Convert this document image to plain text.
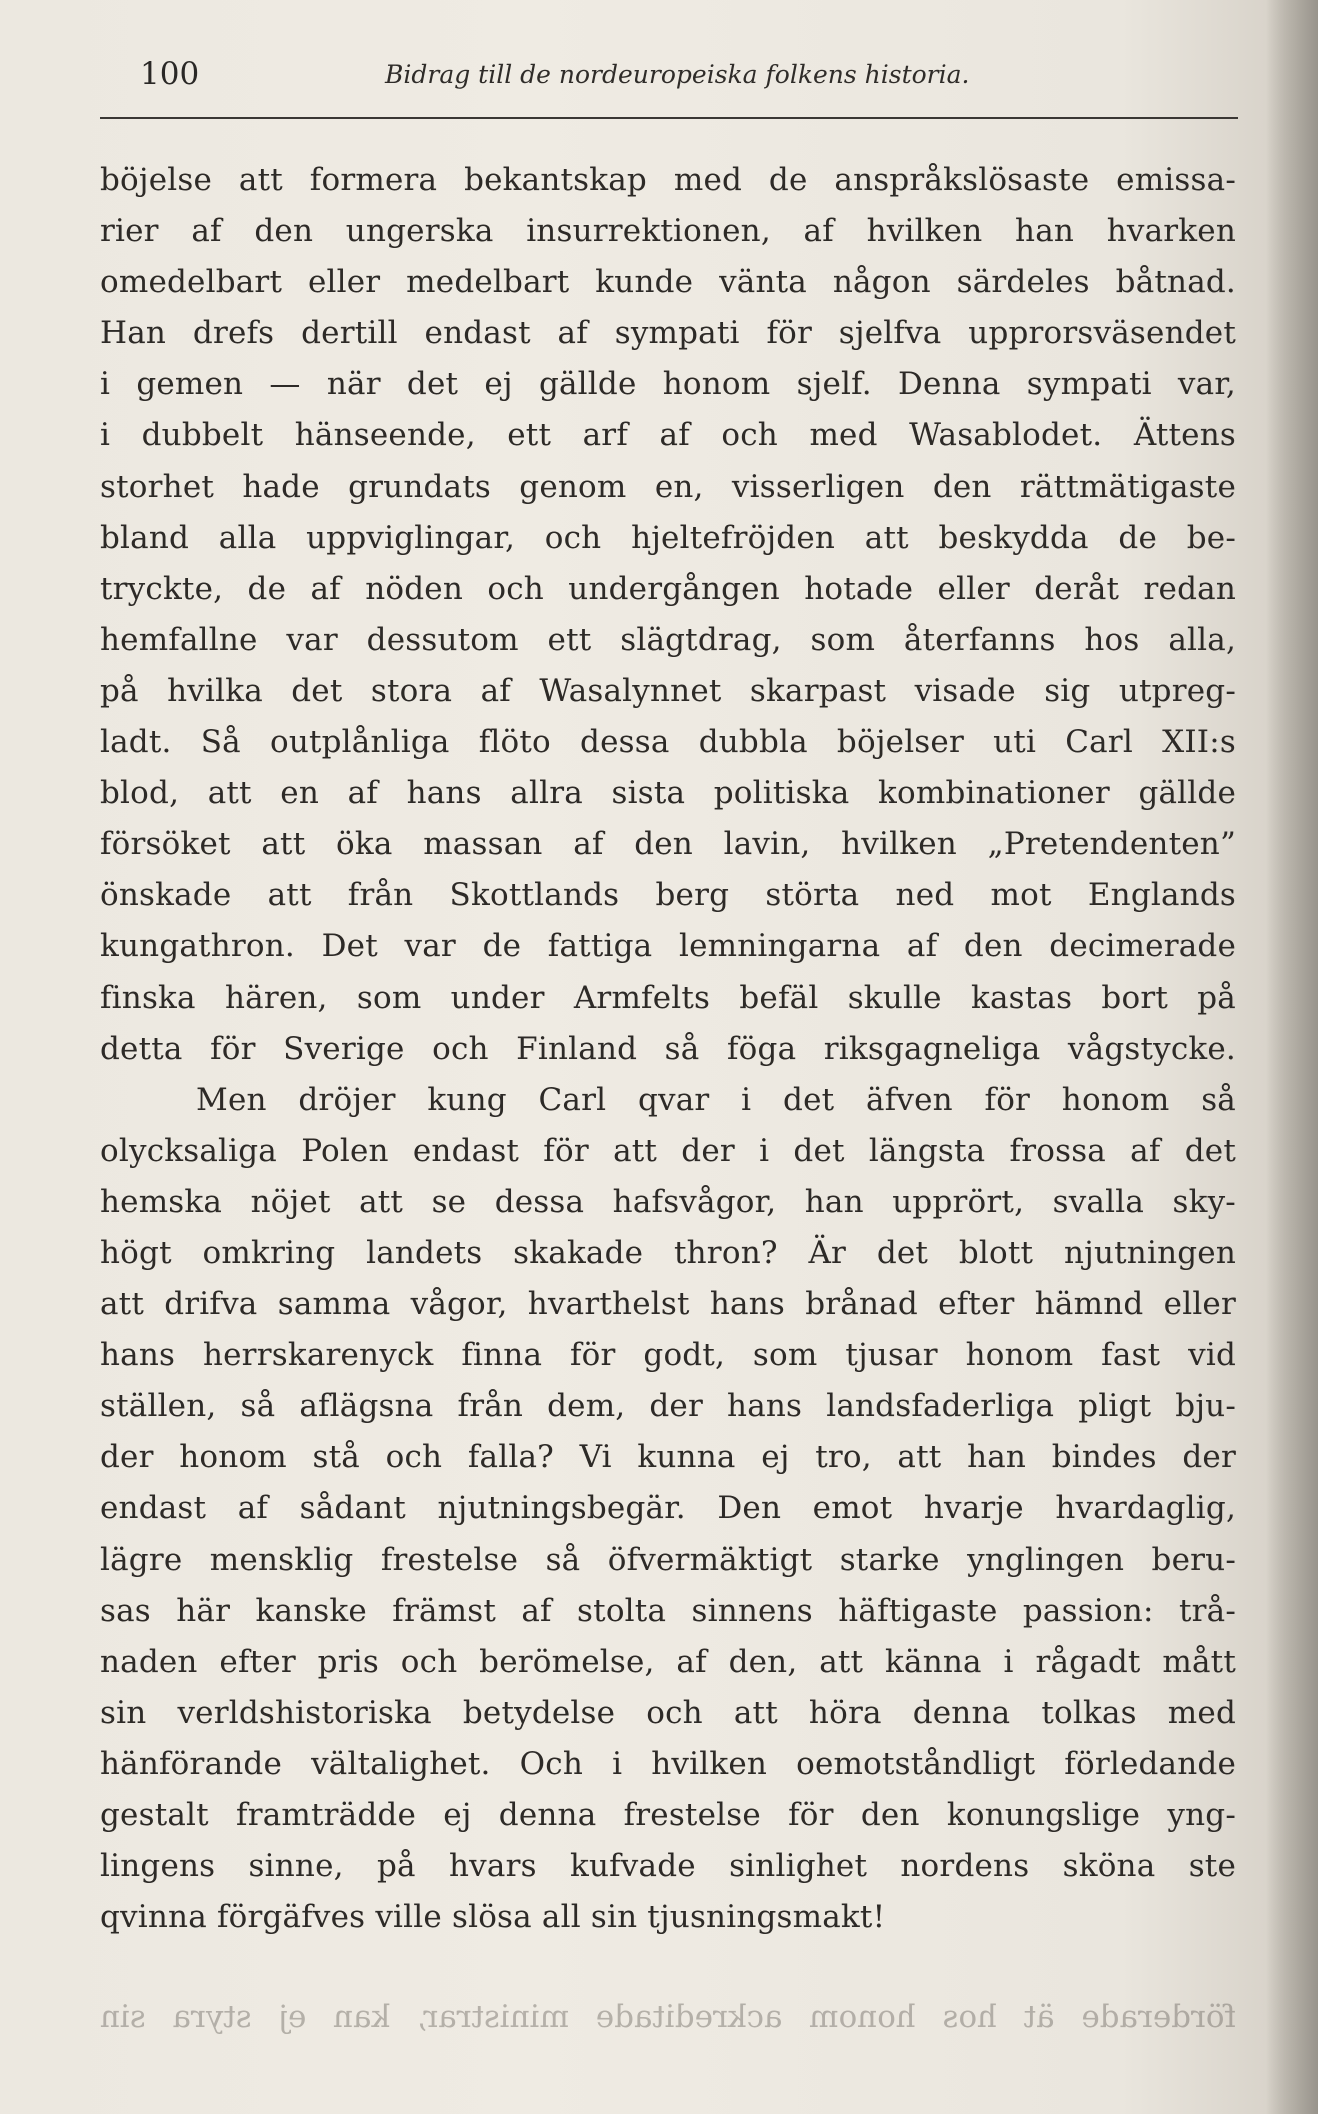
100	Bidrag till de nordeuropeiska folkens historia.
böjelse att formera bekantskap med de anspråkslösaste emissa-
rier af den ungerska insurrektionen, af hvilken han hvarken
omedelbart eller medelbart kunde vänta någon särdeles båtnad.
Han drefs dertill endast af sympati för sjelfva upprorsväsendet
i gemen — när det ej gällde honom sjelf. Denna sympati var,
i dubbelt hänseende, ett arf af och med Wasablodet. Ättens
storhet hade grundats genom en, visserligen den rättmätigaste
bland alla uppviglingar, och hjeltefröjden att beskydda de be-
tryckte, de af nöden och undergången hotade eller deråt redan
hemfallne var dessutom ett slägtdrag, som återfanns hos alla,
på hvilka det stora af Wasalynnet skarpast visade sig utpreg-
ladt. Så outplånliga flöto dessa dubbla böjelser uti Carl XII:s
blod, att en af hans allra sista politiska kombinationer gällde
försöket att öka massan af den lavin, hvilken „Pretendenten”
önskade att från Skottlands berg störta ned mot Englands
kungathron. Det var de fattiga lemningarna af den decimerade
finska hären, som under Armfelts befäl skulle kastas bort på
detta för Sverige och Finland så föga riksgagneliga vågstycke.
Men dröjer kung Carl qvar i det äfven för honom så
olycksaliga Polen endast för att der i det längsta frossa af det
hemska nöjet att se dessa hafsvågor, han upprört, svalla sky-
högt omkring landets skakade thron? Är det blott njutningen
att drifva samma vågor, hvarthelst hans brånad efter hämnd eller
hans herrskarenyck finna för godt, som tjusar honom fast vid
ställen, så aflägsna från dem, der hans landsfaderliga pligt bju-
der honom stå och falla? Vi kunna ej tro, att han bindes der
endast af sådant njutningsbegär. Den emot hvarje hvardaglig,
lägre mensklig frestelse så öfvermäktigt starke ynglingen beru-
sas här kanske främst af stolta sinnens häftigaste passion: trå-
naden efter pris och berömelse, af den, att känna i rågadt mått
sin verldshistoriska betydelse och att höra denna tolkas med
hänförande vältalighet. Och i hvilken oemotståndligt förledande
gestalt framträdde ej denna frestelse för den konungslige yng-
lingens sinne, på hvars kufvade sinlighet nordens sköna ste
qvinna förgäfves ville slösa all sin tjusningsmakt!
förderade ät hos honom ackreditade ministrar, kan ej styra sin
